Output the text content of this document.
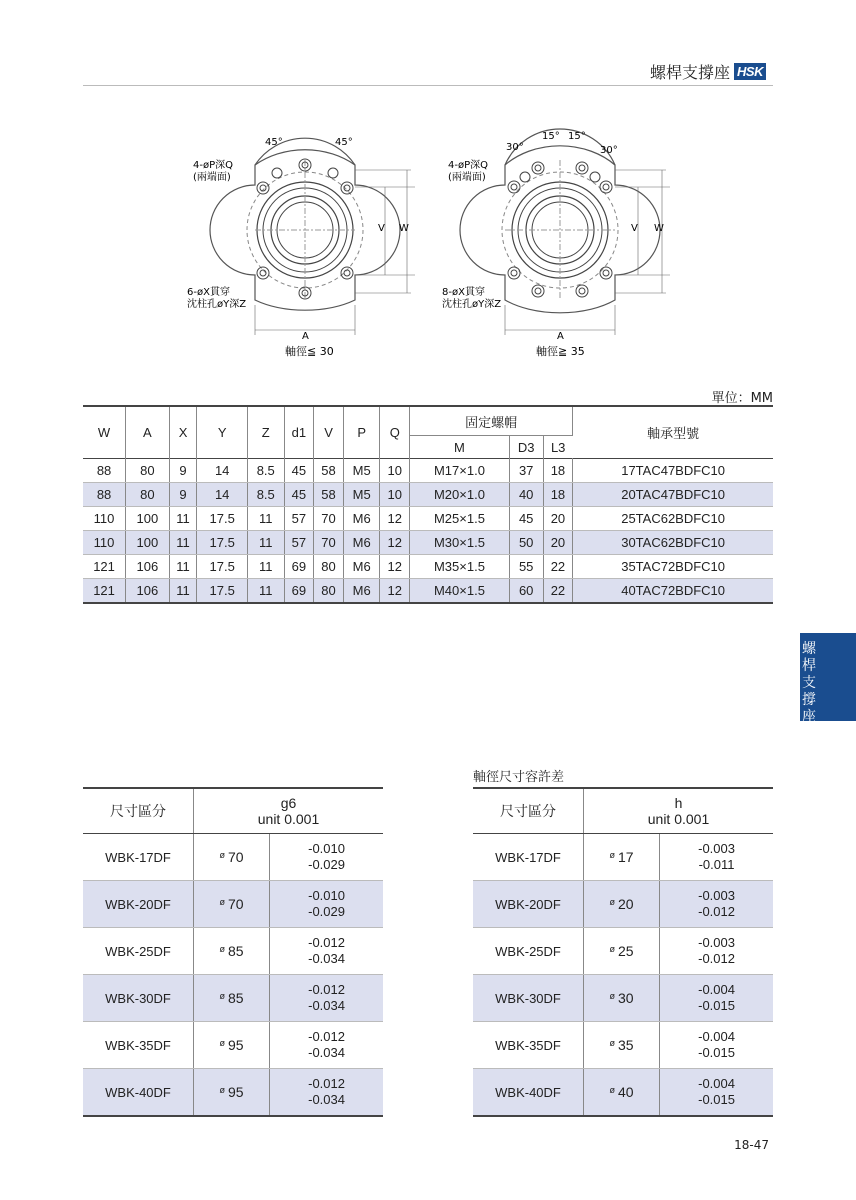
螺桿支撐座 HSK
V W
A
45°	45°
4-øP深Q
(兩端面)
6-øX貫穿
沈柱孔øY深Z
軸徑≦ 30
V W
A
30°
15° 15°
30°
4-øP深Q
(兩端面)
8-øX貫穿
沈柱孔øY深Z
軸徑≧ 35
單位：MM
W	A	X	Y	Z	d1	V	P	Q	固定螺帽			軸承型號
									M	D3	L3	
88	80	9	14	8.5	45	58	M5	10	M17×1.0	37	18	17TAC47BDFC10
88	80	9	14	8.5	45	58	M5	10	M20×1.0	40	18	20TAC47BDFC10
110	100	11	17.5	11	57	70	M6	12	M25×1.5	45	20	25TAC62BDFC10
110	100	11	17.5	11	57	70	M6	12	M30×1.5	50	20	30TAC62BDFC10
121	106	11	17.5	11	69	80	M6	12	M35×1.5	55	22	35TAC72BDFC10
121	106	11	17.5	11	69	80	M6	12	M40×1.5	60	22	40TAC72BDFC10
軸徑尺寸容許差
尺寸區分	g6
unit 0.001	

WBK-17DF	$^ø$ 70	-0.010
-0.029

WBK-20DF	$^ø$ 70	-0.010
-0.029

WBK-25DF	$^ø$ 85	-0.012
-0.034

WBK-30DF	$^ø$ 85	-0.012
-0.034

WBK-35DF	$^ø$ 95	-0.012
-0.034

WBK-40DF	$^ø$ 95	-0.012
-0.034
尺寸區分	h
unit 0.001	

WBK-17DF	$^ø$ 17	-0.003
-0.011

WBK-20DF	$^ø$ 20	-0.003
-0.012

WBK-25DF	$^ø$ 25	-0.003
-0.012

WBK-30DF	$^ø$ 30	-0.004
-0.015

WBK-35DF	$^ø$ 35	-0.004
-0.015

WBK-40DF	$^ø$ 40	-0.004
-0.015
螺
桿
支
撐
座
18-47
